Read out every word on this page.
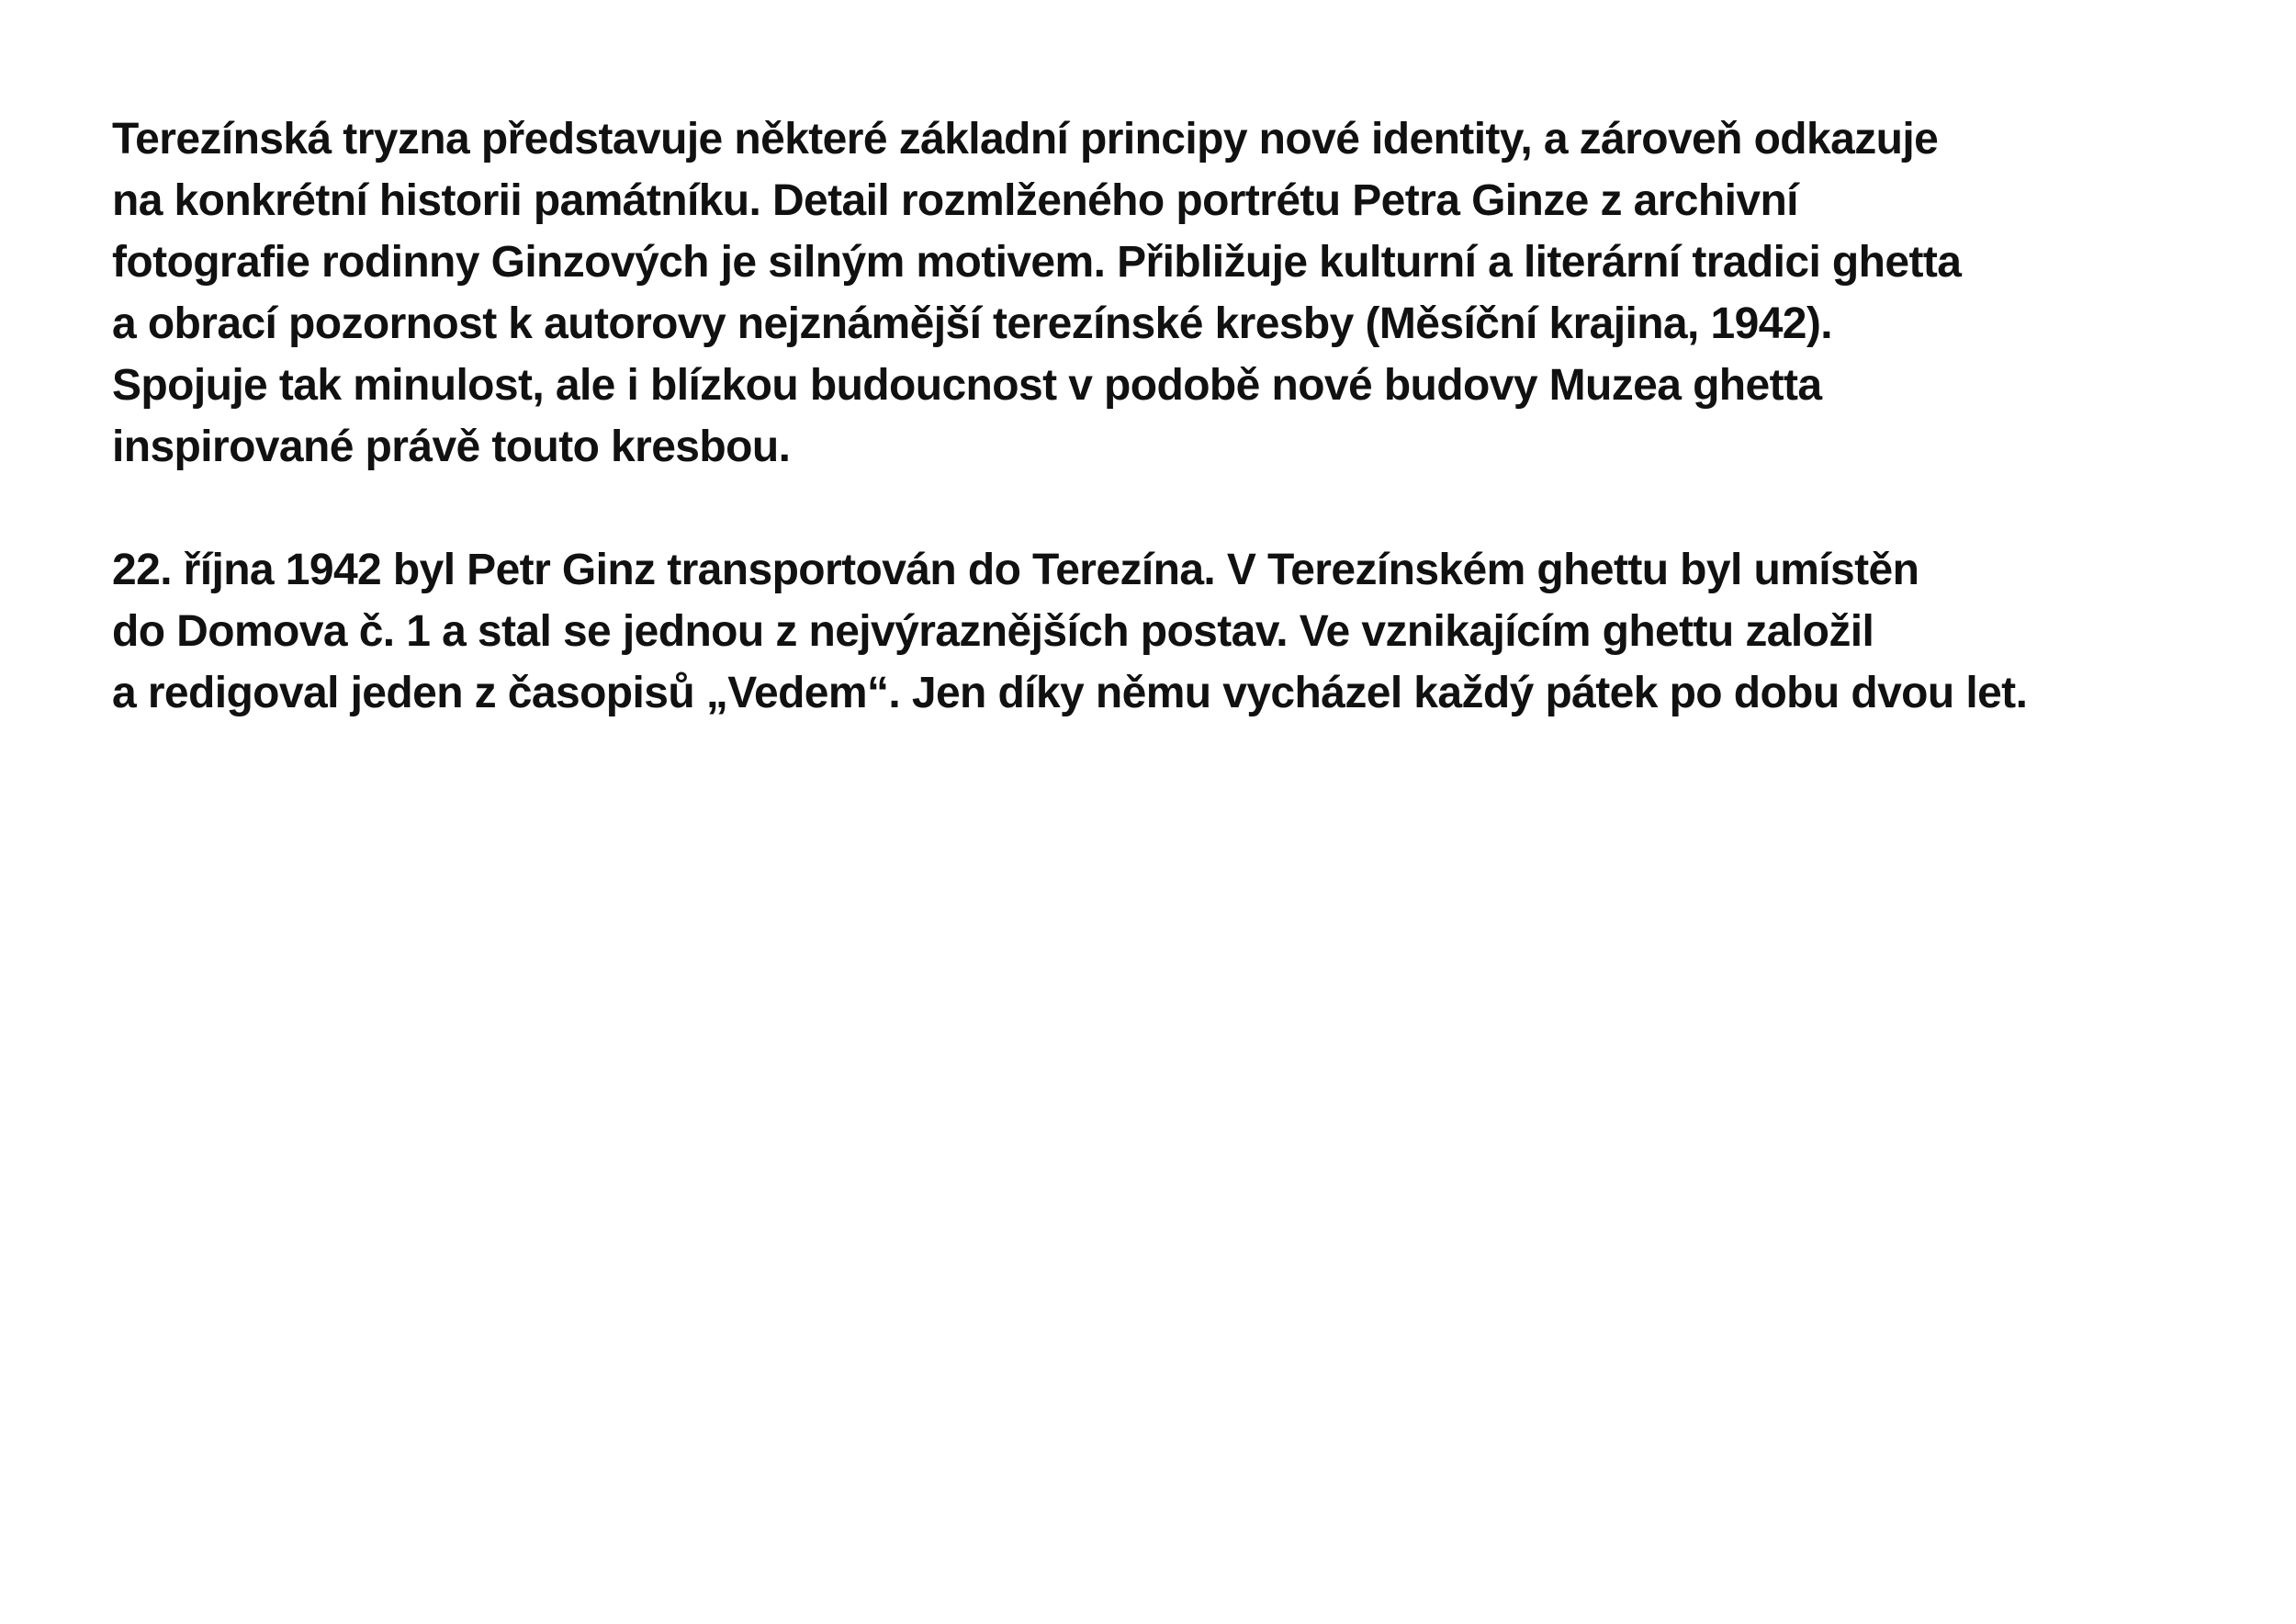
Terezínská tryzna představuje některé základní principy nové identity, a zároveň odkazuje
na konkrétní historii památníku. Detail rozmlženého portrétu Petra Ginze z archivní
fotografie rodinny Ginzových je silným motivem. Přibližuje kulturní a literární tradici ghetta
a obrací pozornost k autorovy nejznámější terezínské kresby (Měsíční krajina, 1942).
Spojuje tak minulost, ale i blízkou budoucnost v podobě nové budovy Muzea ghetta
inspirované právě touto kresbou.

22. října 1942 byl Petr Ginz transportován do Terezína. V Terezínském ghettu byl umístěn
do Domova č. 1 a stal se jednou z nejvýraznějších postav. Ve vznikajícím ghettu založil
a redigoval jeden z časopisů „Vedem“. Jen díky němu vycházel každý pátek po dobu dvou let.
